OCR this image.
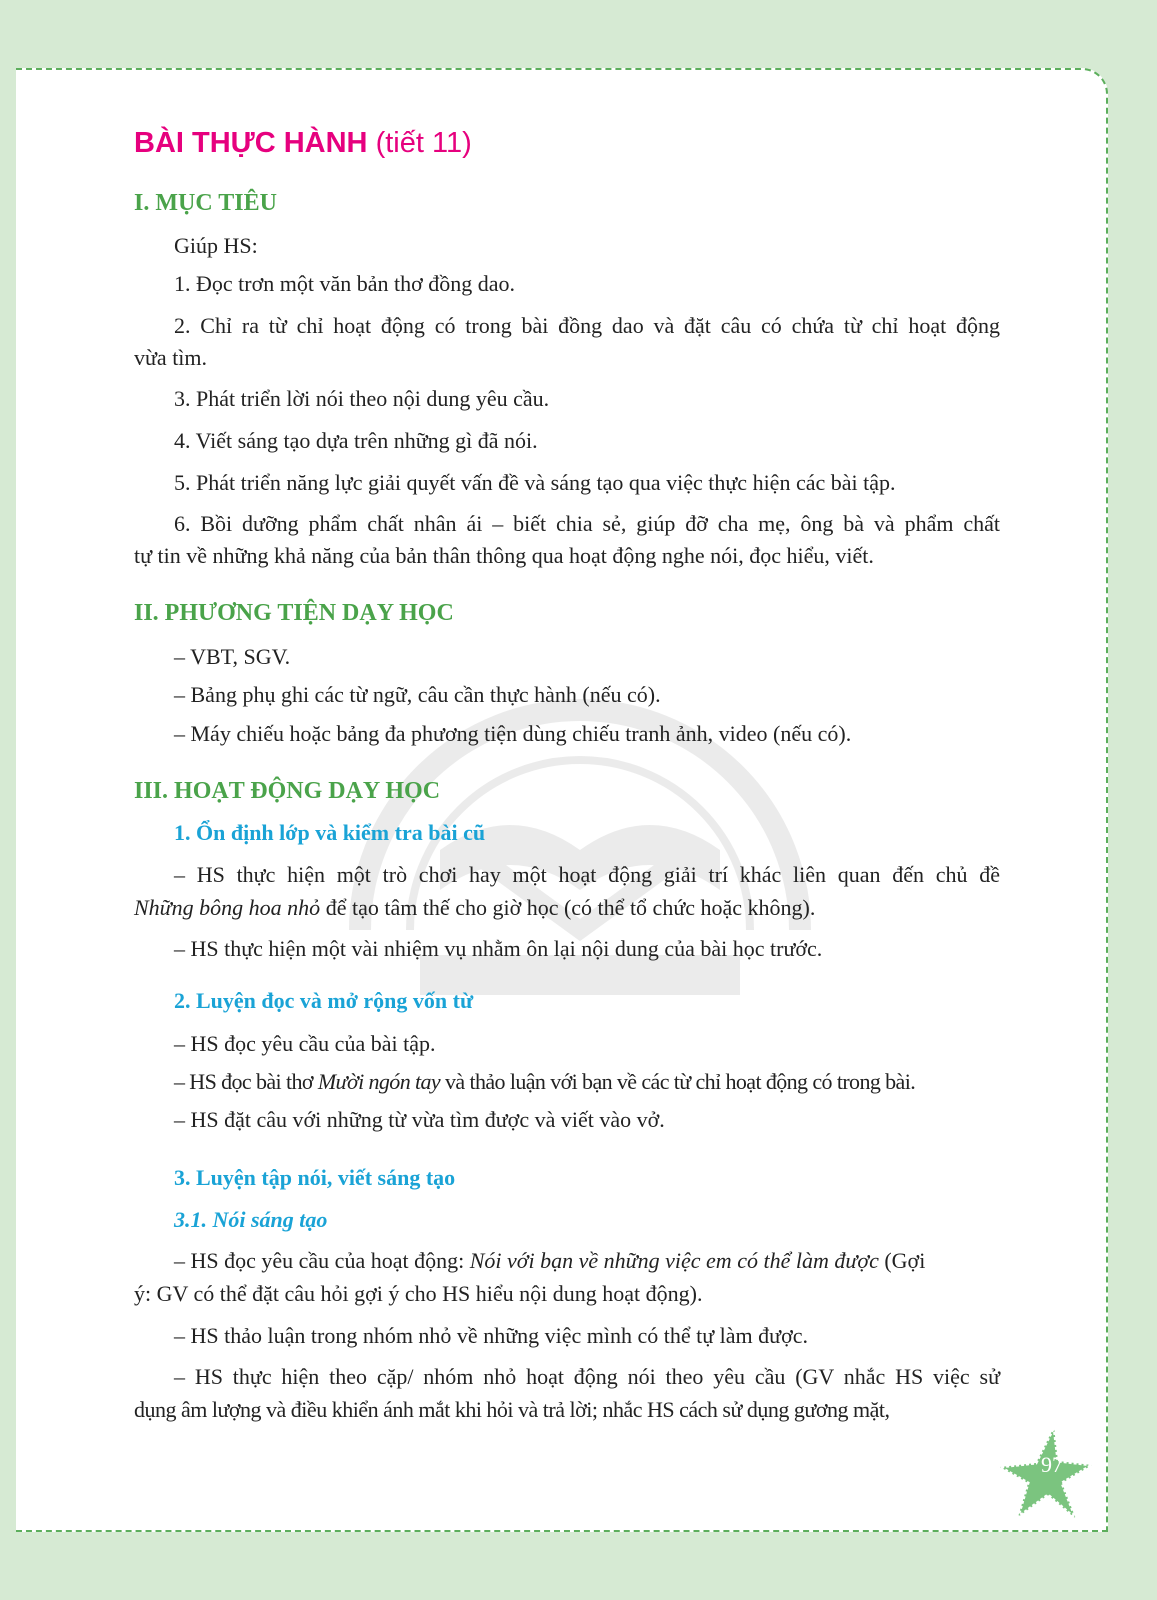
BÀI THỰC HÀNH (tiết 11)
I. MỤC TIÊU
Giúp HS:
1. Đọc trơn một văn bản thơ đồng dao.
2. Chỉ ra từ chỉ hoạt động có trong bài đồng dao và đặt câu có chứa từ chỉ hoạt động
vừa tìm.
3. Phát triển lời nói theo nội dung yêu cầu.
4. Viết sáng tạo dựa trên những gì đã nói.
5. Phát triển năng lực giải quyết vấn đề và sáng tạo qua việc thực hiện các bài tập.
6. Bồi dưỡng phẩm chất nhân ái – biết chia sẻ, giúp đỡ cha mẹ, ông bà và phẩm chất
tự tin về những khả năng của bản thân thông qua hoạt động nghe nói, đọc hiểu, viết.
II. PHƯƠNG TIỆN DẠY HỌC
– VBT, SGV.
– Bảng phụ ghi các từ ngữ, câu cần thực hành (nếu có).
– Máy chiếu hoặc bảng đa phương tiện dùng chiếu tranh ảnh, video (nếu có).
III. HOẠT ĐỘNG DẠY HỌC
1. Ổn định lớp và kiểm tra bài cũ
– HS thực hiện một trò chơi hay một hoạt động giải trí khác liên quan đến chủ đề
Những bông hoa nhỏ để tạo tâm thế cho giờ học (có thể tổ chức hoặc không).
– HS thực hiện một vài nhiệm vụ nhằm ôn lại nội dung của bài học trước.
2. Luyện đọc và mở rộng vốn từ
– HS đọc yêu cầu của bài tập.
– HS đọc bài thơ Mười ngón tay và thảo luận với bạn về các từ chỉ hoạt động có trong bài.
– HS đặt câu với những từ vừa tìm được và viết vào vở.
3. Luyện tập nói, viết sáng tạo
3.1. Nói sáng tạo
– HS đọc yêu cầu của hoạt động: Nói với bạn về những việc em có thể làm được (Gợi
ý: GV có thể đặt câu hỏi gợi ý cho HS hiểu nội dung hoạt động).
– HS thảo luận trong nhóm nhỏ về những việc mình có thể tự làm được.
– HS thực hiện theo cặp/ nhóm nhỏ hoạt động nói theo yêu cầu (GV nhắc HS việc sử
dụng âm lượng và điều khiển ánh mắt khi hỏi và trả lời; nhắc HS cách sử dụng gương mặt,
97
